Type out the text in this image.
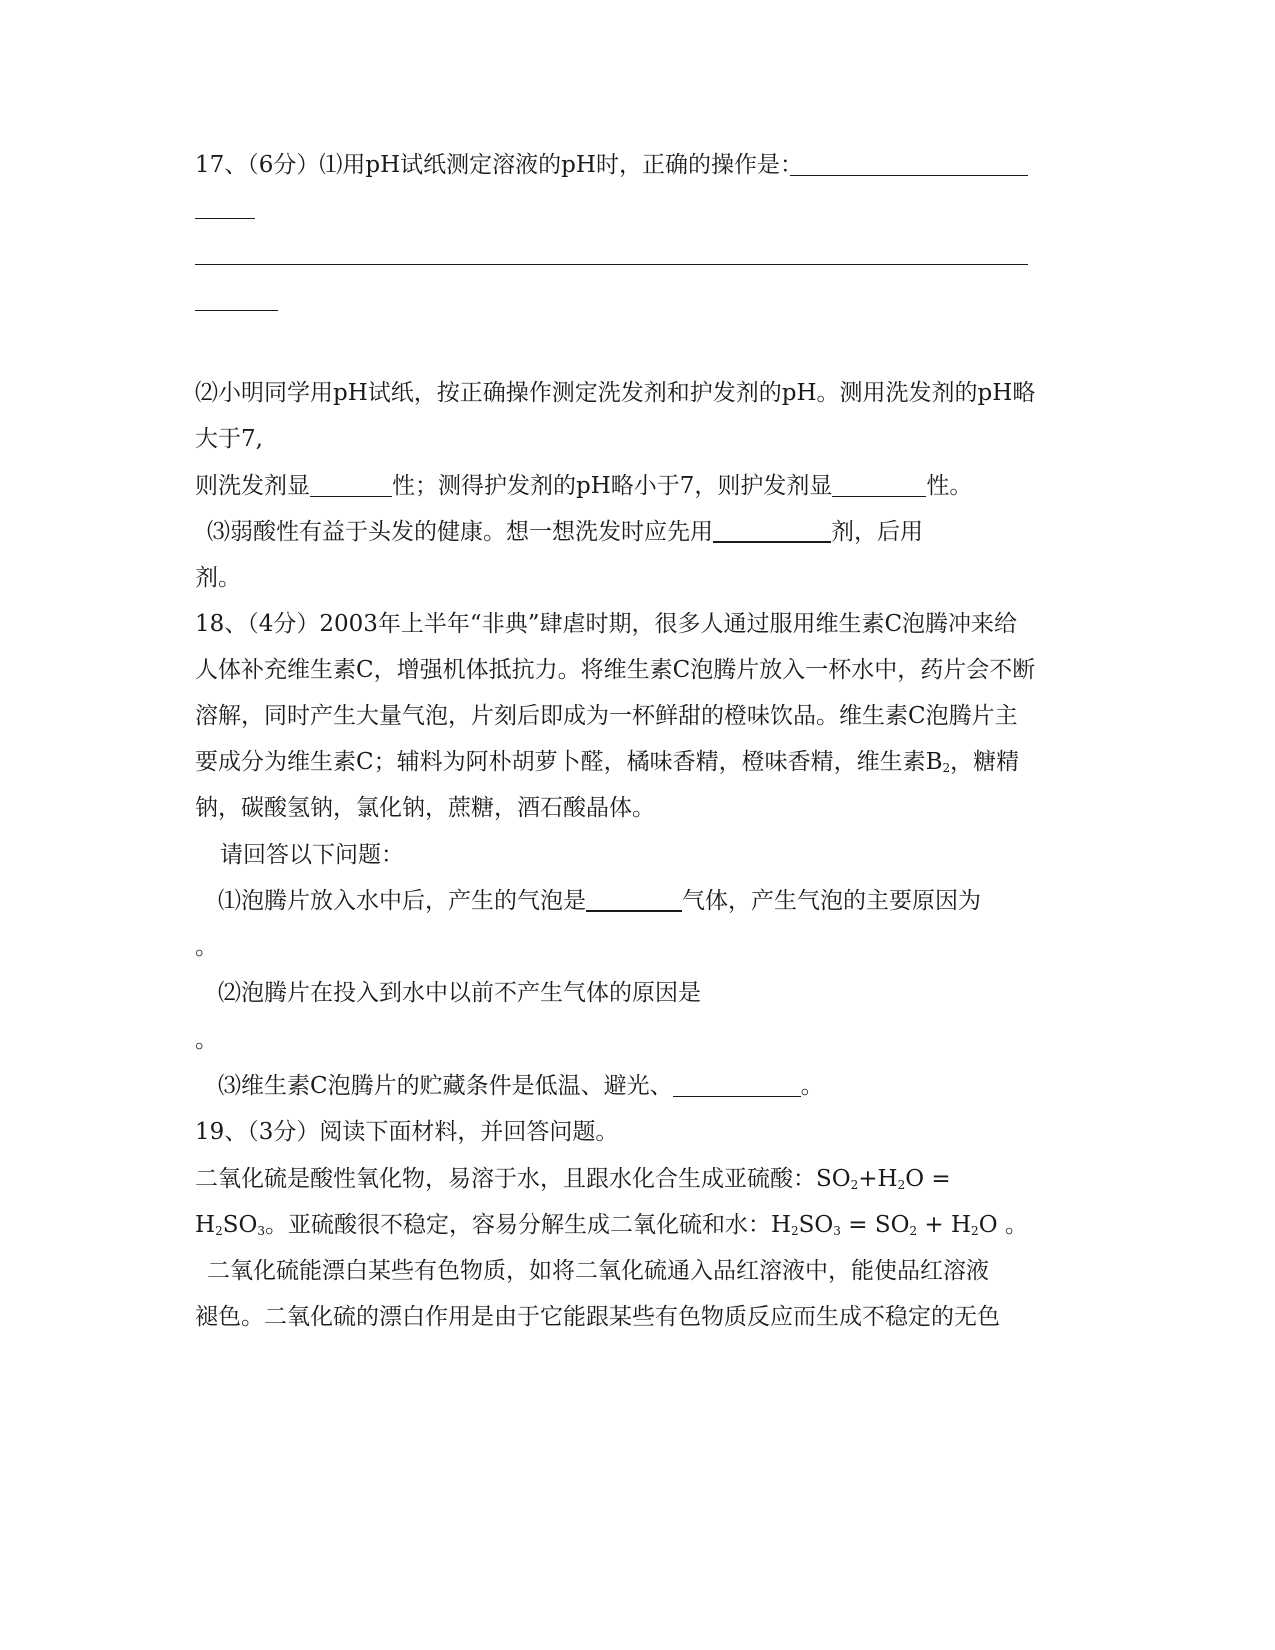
17、（6分）⑴用pH试纸测定溶液的pH时，正确的操作是：
⑵小明同学用pH试纸，按正确操作测定洗发剂和护发剂的pH。测用洗发剂的pH略
大于7,
则洗发剂显	性；测得护发剂的pH略小于7，则护发剂显	性。
⑶弱酸性有益于头发的健康。想一想洗发时应先用	剂，后用
剂。
18、（4分）2003年上半年“非典”肆虐时期，很多人通过服用维生素C泡腾冲来给
人体补充维生素C，增强机体抵抗力。将维生素C泡腾片放入一杯水中，药片会不断
溶解，同时产生大量气泡，片刻后即成为一杯鲜甜的橙味饮品。维生素C泡腾片主
要成分为维生素C；辅料为阿朴胡萝卜醛，橘味香精，橙味香精，维生素$B_2$，糖精
钠，碳酸氢钠，氯化钠，蔗糖，酒石酸晶体。
请回答以下问题：
⑴泡腾片放入水中后，产生的气泡是	气体，产生气泡的主要原因为
。
⑵泡腾片在投入到水中以前不产生气体的原因是
。
⑶维生素C泡腾片的贮藏条件是低温、避光、	。
19、（3分）阅读下面材料，并回答问题。
二氧化硫是酸性氧化物，易溶于水，且跟水化合生成亚硫酸：$SO_2+H_2O$ =
$H_2SO_3$。亚硫酸很不稳定，容易分解生成二氧化硫和水：$H_2SO_3 = SO_2 + H_2O$ 。
二氧化硫能漂白某些有色物质，如将二氧化硫通入品红溶液中，能使品红溶液
褪色。二氧化硫的漂白作用是由于它能跟某些有色物质反应而生成不稳定的无色
